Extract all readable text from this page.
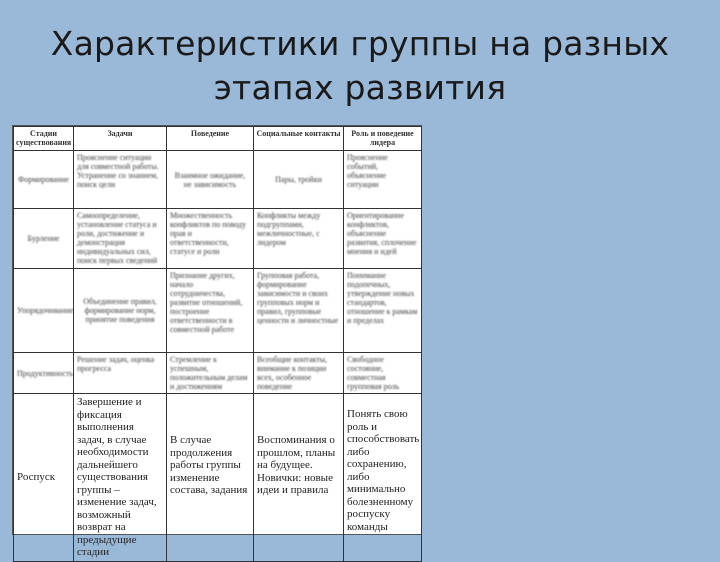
Характеристики группы на разных этапах развития
Стадии существования	Задачи	Поведение	Социальные контакты	Роль и поведение лидера
Формирование	Прояснение ситуации для совместной работы. Устранение со знанием, поиск цели	Взаимное ожидание, не зависимость	Пары, тройки	Прояснение событий, объяснение ситуации
Бурление	Самоопределение, установление статуса и роли, достижение и демонстрация индивидуальных сил, поиск первых сведений	Множественность конфликтов по поводу прав и ответственности, статусе и роли	Конфликты между подгруппами, межличностные, с лидером	Ориентирование конфликтов, объяснение развития, сплочение мнения и идей
Упорядочивание	Объединение правил, формирование норм, принятие поведения	Признание других, начало сотрудничества, развитие отношений, построение ответственности в совместной работе	Групповая работа, формирование зависимости и своих групповых норм и правил, групповые ценности и личностные	Понимание подопечных, утверждение новых стандартов, отношение к рамкам и пределах
Продуктивность	Решение задач, оценка прогресса	Стремление к успешным, положительным делам и достижениям	Всеобщие контакты, внимание к позиции всех, особенное поведение	Свободное состояние, совместная групповая роль
Роспуск	Завершение и фиксация выполнения задач, в случае необходимости дальнейшего существования группы – изменение задач, возможный возврат на предыдущие стадии	В случае продолжения работы группы изменение состава, задания	Воспоминания о прошлом, планы на будущее. Новички: новые идеи и правила	Понять свою роль и способствовать либо сохранению, либо минимально болезненному роспуску команды
